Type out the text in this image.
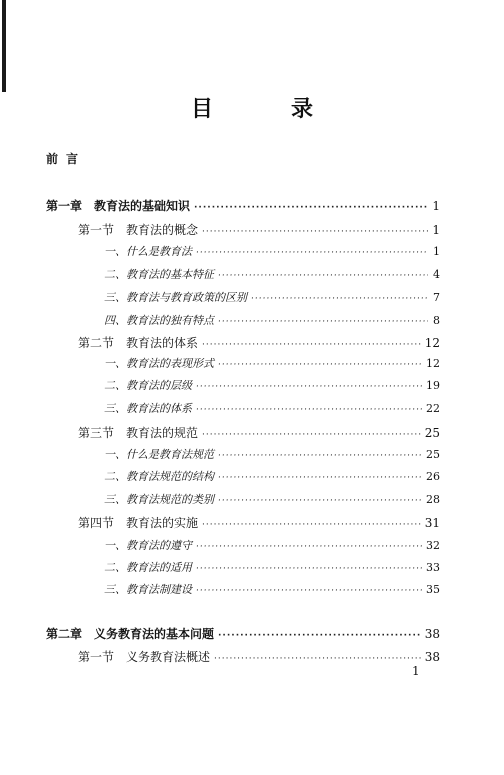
目　录
前言
第一章　教育法的基础知识 ·····	1
第一节　教育法的概念 ·····	1
一、什么是教育法 ·····	1
二、教育法的基本特征 ·····	4
三、教育法与教育政策的区别 ·····	7
四、教育法的独有特点 ·····	8
第二节　教育法的体系 ·····	12
一、教育法的表现形式 ·····	12
二、教育法的层级 ·····	19
三、教育法的体系 ·····	22
第三节　教育法的规范 ·····	25
一、什么是教育法规范 ·····	25
二、教育法规范的结构 ·····	26
三、教育法规范的类别 ·····	28
第四节　教育法的实施 ·····	31
一、教育法的遵守 ·····	32
二、教育法的适用 ·····	33
三、教育法制建设 ·····	35
第二章　义务教育法的基本问题 ·····	38
第一节　义务教育法概述 ·····	38
1
